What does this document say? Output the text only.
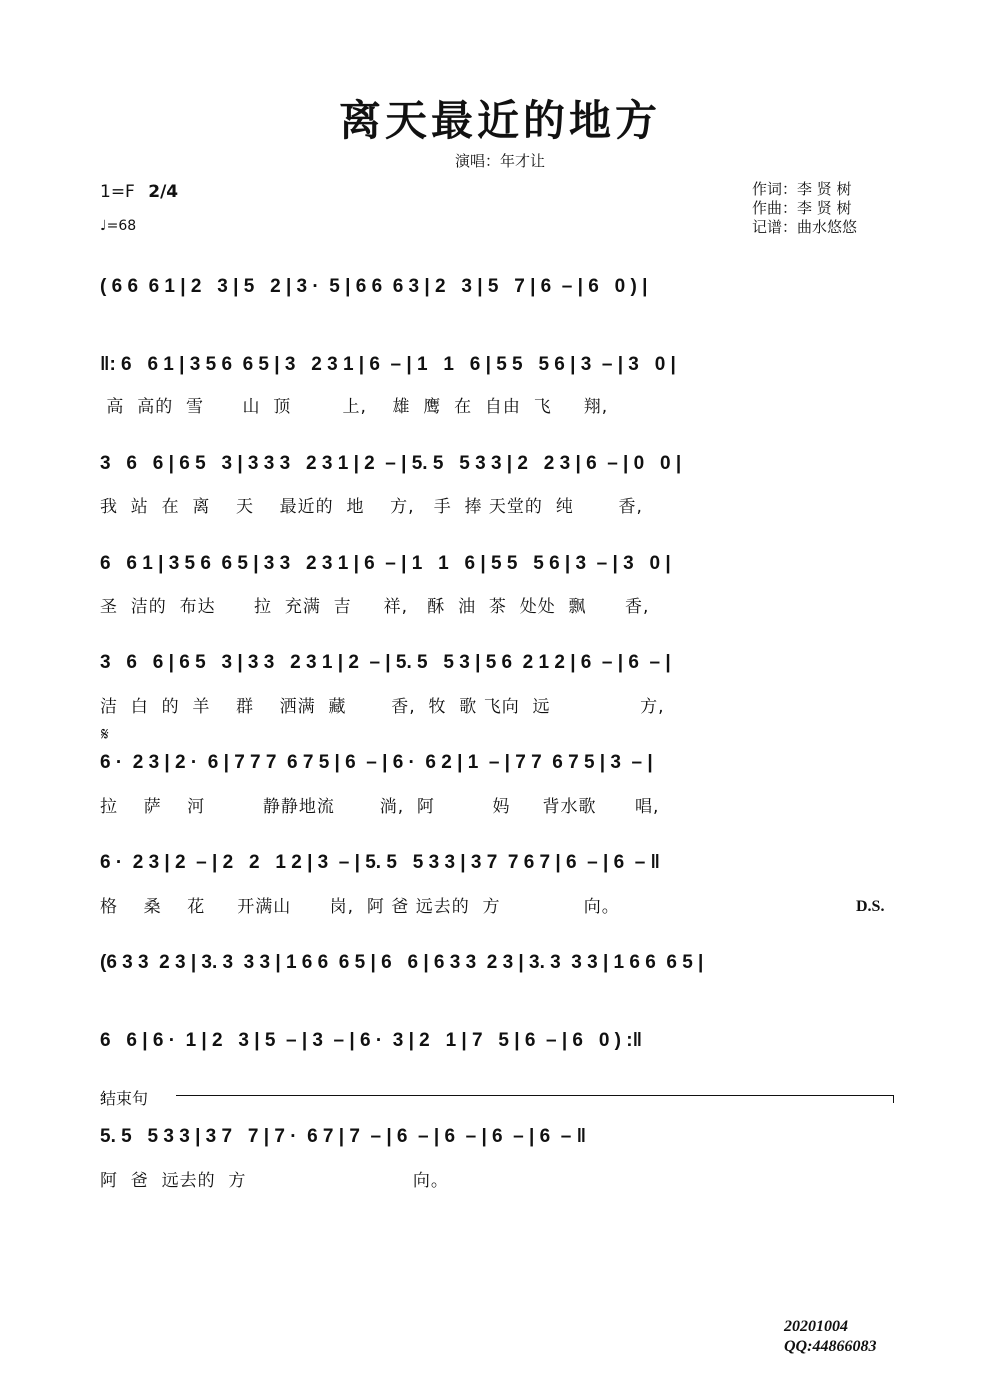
离天最近的地方
演唱：年才让
1=F 2/4
♩=68
作词：李 贤 树
作曲：李 贤 树
记谱：曲水悠悠
( 6 6  6 1 | 2   3 | 5   2 | 3 ·  5 | 6 6  6 3 | 2   3 | 5   7 | 6  – | 6   0 ) |
‖: 6   6 1 | 3 5 6  6 5 | 3   2 3 1 | 6  – | 1   1   6 | 5 5   5 6 | 3  – | 3   0 |
高  高的  雪      山  顶        上,    雄  鹰  在  自由  飞     翔,
3   6   6 | 6 5   3 | 3 3 3   2 3 1 | 2  – | 5. 5   5 3 3 | 2   2 3 | 6  – | 0   0 |
我  站  在  离    天    最近的  地    方,   手  捧 天堂的  纯       香,
6   6 1 | 3 5 6  6 5 | 3 3   2 3 1 | 6  – | 1   1   6 | 5 5   5 6 | 3  – | 3   0 |
圣  洁的  布达      拉  充满  吉     祥,   酥  油  茶  处处  飘      香,
3   6   6 | 6 5   3 | 3 3   2 3 1 | 2  – | 5. 5   5 3 | 5 6  2 1 2 | 6  – | 6  – |
洁  白  的  羊    群    洒满  藏       香,  牧  歌 飞向  远              方,
𝄋
6 ·  2 3 | 2 ·  6 | 7 7 7  6 7 5 | 6  – | 6 ·  6 2 | 1  – | 7 7  6 7 5 | 3  – |
拉    萨    河         静静地流       淌,  阿         妈     背水歌      唱,
6 ·  2 3 | 2  – | 2   2   1 2 | 3  – | 5. 5   5 3 3 | 3 7  7 6 7 | 6  – | 6  – ‖
格    桑    花     开满山      岗,  阿 爸 远去的  方             向。	D.S.
(6 3 3  2 3 | 3. 3  3 3 | 1 6 6  6 5 | 6   6 | 6 3 3  2 3 | 3. 3  3 3 | 1 6 6  6 5 |
6   6 | 6 ·  1 | 2   3 | 5  – | 3  – | 6 ·  3 | 2   1 | 7   5 | 6  – | 6   0 ) :‖
结束句
5. 5   5 3 3 | 3 7   7 | 7 ·  6 7 | 7  – | 6  – | 6  – | 6  – | 6  – ‖
阿  爸  远去的  方                          向。
20201004
QQ:44866083
